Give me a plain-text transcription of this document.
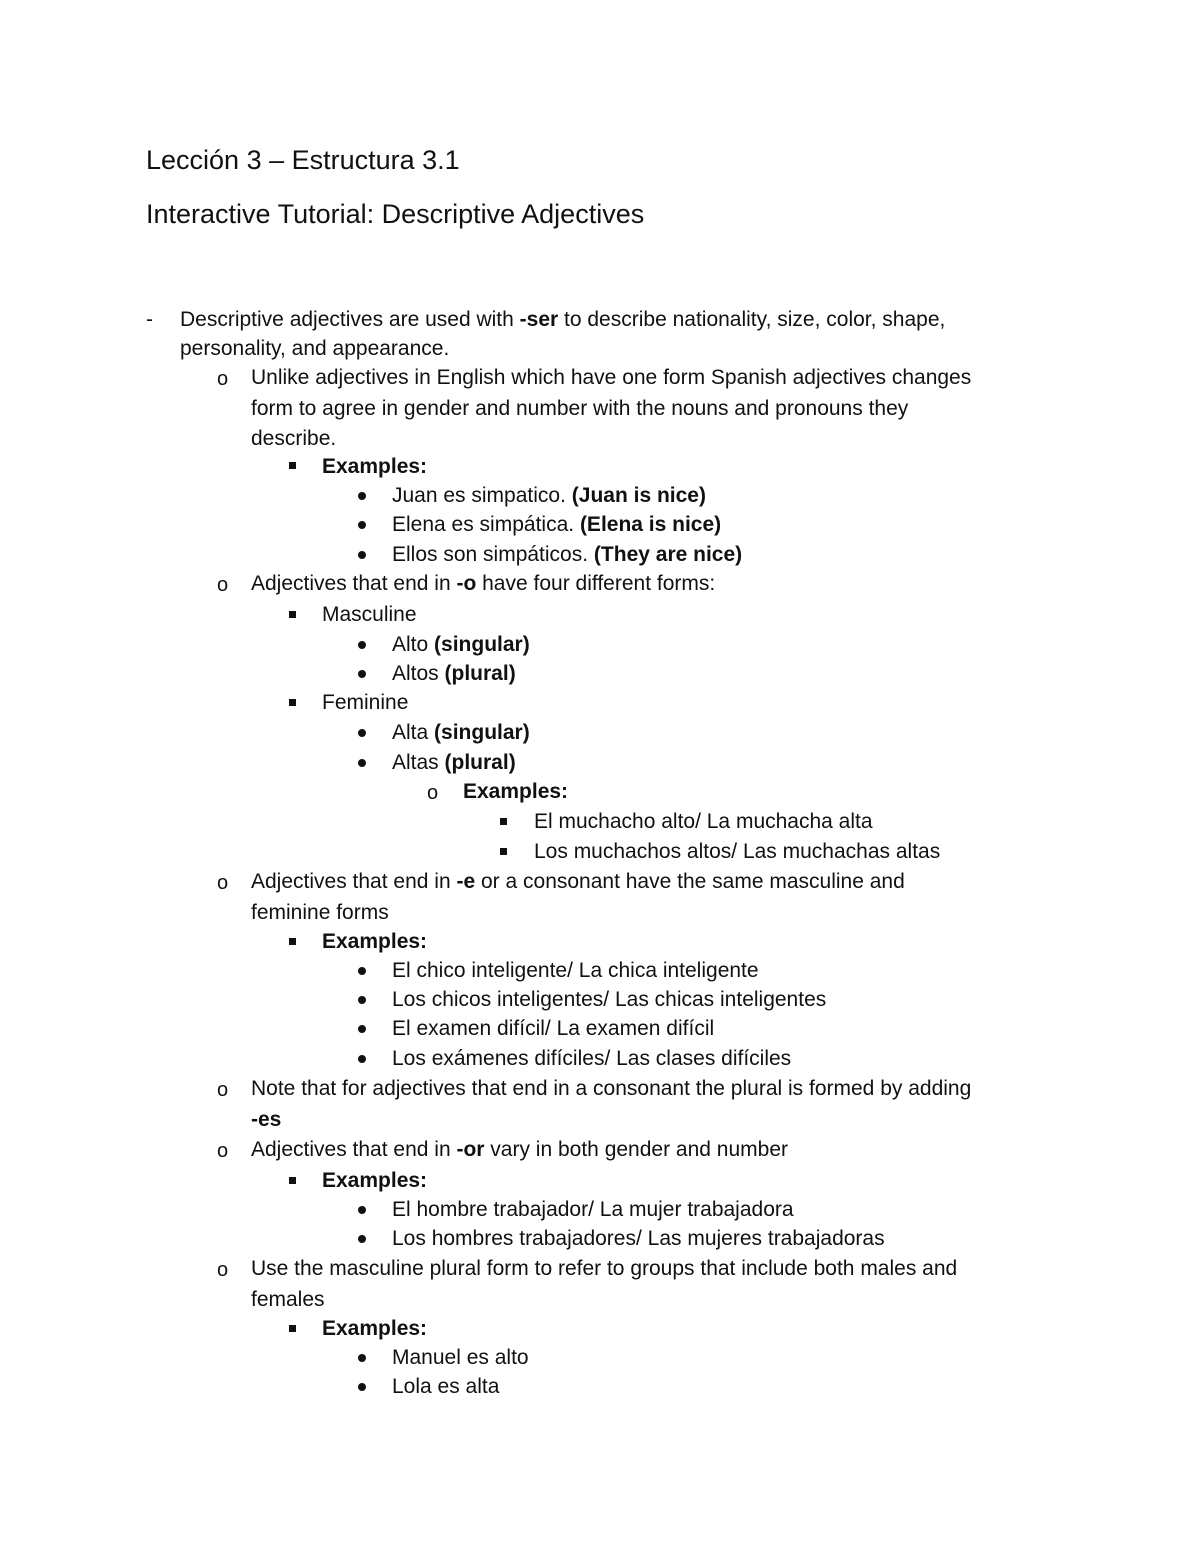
Lección 3 – Estructura 3.1
Interactive Tutorial: Descriptive Adjectives
- Descriptive adjectives are used with -ser to describe nationality, size, color, shape,
personality, and appearance.
o Unlike adjectives in English which have one form Spanish adjectives changes
form to agree in gender and number with the nouns and pronouns they
describe.
Examples:
Juan es simpatico. (Juan is nice)
Elena es simpática. (Elena is nice)
Ellos son simpáticos. (They are nice)
o Adjectives that end in -o have four different forms:
Masculine
Alto (singular)
Altos (plural)
Feminine
Alta (singular)
Altas (plural)
o Examples:
El muchacho alto/ La muchacha alta
Los muchachos altos/ Las muchachas altas
o Adjectives that end in -e or a consonant have the same masculine and
feminine forms
Examples:
El chico inteligente/ La chica inteligente
Los chicos inteligentes/ Las chicas inteligentes
El examen difícil/ La examen difícil
Los exámenes difíciles/ Las clases difíciles
o Note that for adjectives that end in a consonant the plural is formed by adding
-es
o Adjectives that end in -or vary in both gender and number
Examples:
El hombre trabajador/ La mujer trabajadora
Los hombres trabajadores/ Las mujeres trabajadoras
o Use the masculine plural form to refer to groups that include both males and
females
Examples:
Manuel es alto
Lola es alta
